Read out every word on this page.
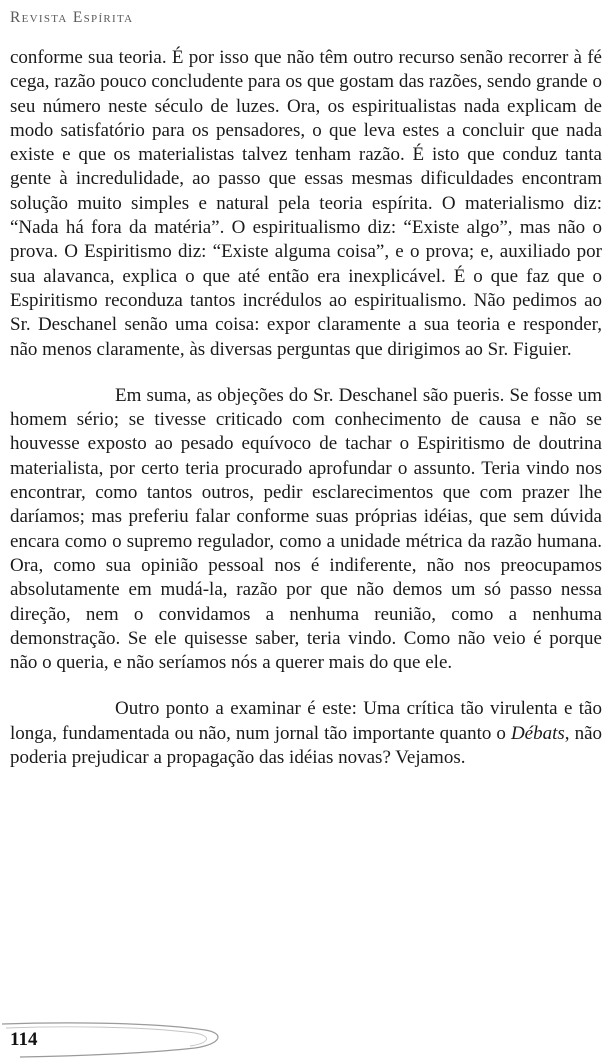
Revista Espírita

conforme sua teoria. É por isso que não têm outro recurso senão recorrer à fé cega, razão pouco concludente para os que gostam das razões, sendo grande o seu número neste século de luzes. Ora, os espiritualistas nada explicam de modo satisfatório para os pensadores, o que leva estes a concluir que nada existe e que os materialistas talvez tenham razão. É isto que conduz tanta gente à incredulidade, ao passo que essas mesmas dificuldades encontram solução muito simples e natural pela teoria espírita. O materialismo diz: “Nada há fora da matéria”. O espiritualismo diz: “Existe algo”, mas não o prova. O Espiritismo diz: “Existe alguma coisa”, e o prova; e, auxiliado por sua alavanca, explica o que até então era inexplicável. É o que faz que o Espiritismo reconduza tantos incrédulos ao espiritualismo. Não pedimos ao Sr. Deschanel senão uma coisa: expor claramente a sua teoria e responder, não menos claramente, às diversas perguntas que dirigimos ao Sr. Figuier.

Em suma, as objeções do Sr. Deschanel são pueris. Se fosse um homem sério; se tivesse criticado com conhecimento de causa e não se houvesse exposto ao pesado equívoco de tachar o Espiritismo de doutrina materialista, por certo teria procurado aprofundar o assunto. Teria vindo nos encontrar, como tantos outros, pedir esclarecimentos que com prazer lhe daríamos; mas preferiu falar conforme suas próprias idéias, que sem dúvida encara como o supremo regulador, como a unidade métrica da razão humana. Ora, como sua opinião pessoal nos é indiferente, não nos preocupamos absolutamente em mudá-la, razão por que não demos um só passo nessa direção, nem o convidamos a nenhuma reunião, como a nenhuma demonstração. Se ele quisesse saber, teria vindo. Como não veio é porque não o queria, e não seríamos nós a querer mais do que ele.

Outro ponto a examinar é este: Uma crítica tão virulenta e tão longa, fundamentada ou não, num jornal tão importante quanto o Débats, não poderia prejudicar a propagação das idéias novas? Vejamos.

114
